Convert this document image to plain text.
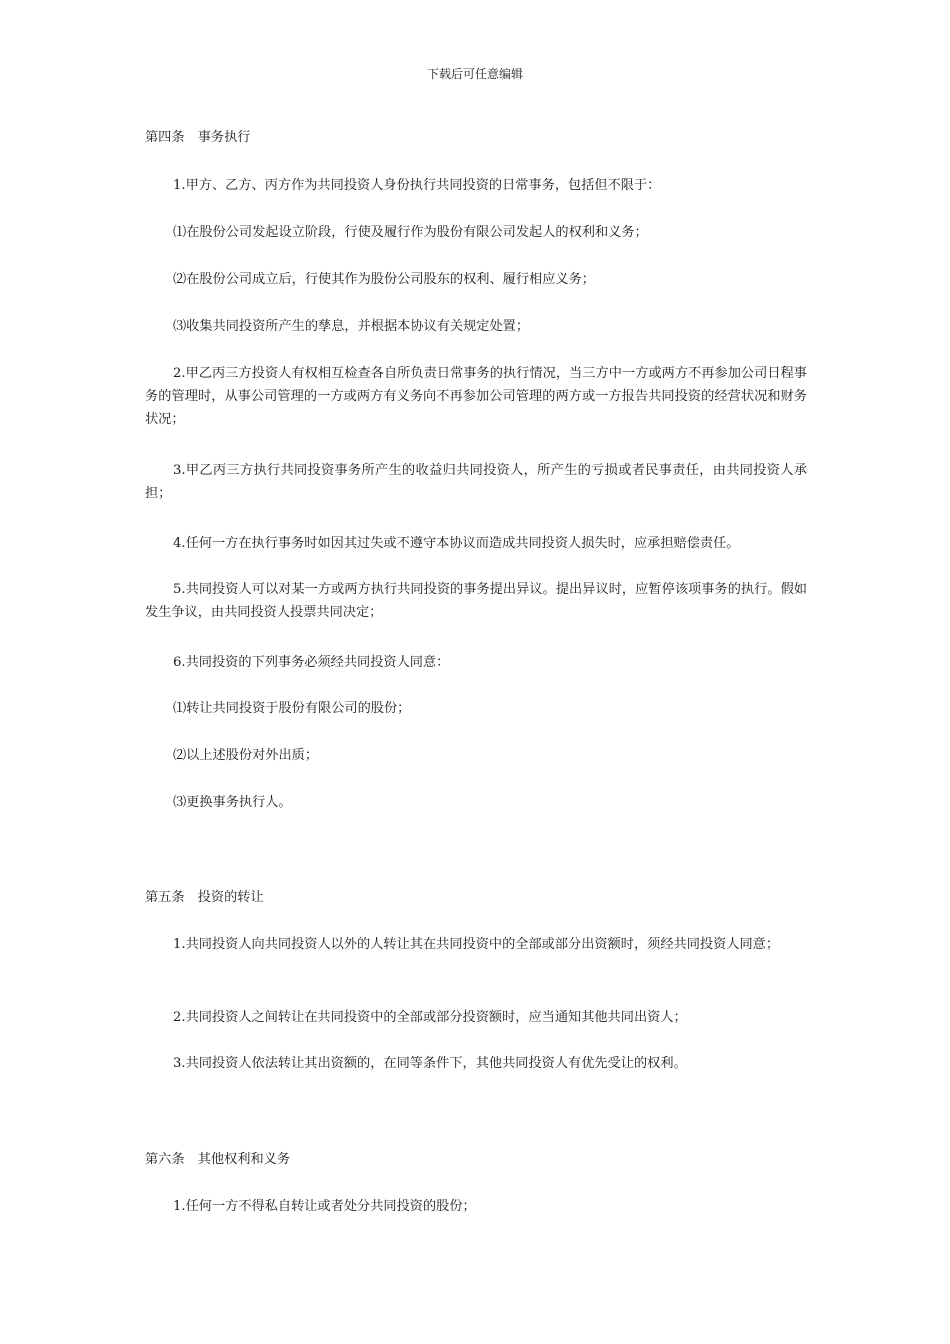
下载后可任意编辑
第四条　事务执行
1.甲方、乙方、丙方作为共同投资人身份执行共同投资的日常事务，包括但不限于：
⑴在股份公司发起设立阶段，行使及履行作为股份有限公司发起人的权利和义务；
⑵在股份公司成立后，行使其作为股份公司股东的权利、履行相应义务；
⑶收集共同投资所产生的孳息，并根据本协议有关规定处置；
2.甲乙丙三方投资人有权相互检查各自所负责日常事务的执行情况，当三方中一方或两方不再参加公司日程事务的管理时，从事公司管理的一方或两方有义务向不再参加公司管理的两方或一方报告共同投资的经营状况和财务状况；
3.甲乙丙三方执行共同投资事务所产生的收益归共同投资人，所产生的亏损或者民事责任，由共同投资人承担；
4.任何一方在执行事务时如因其过失或不遵守本协议而造成共同投资人损失时，应承担赔偿责任。
5.共同投资人可以对某一方或两方执行共同投资的事务提出异议。提出异议时，应暂停该项事务的执行。假如发生争议，由共同投资人投票共同决定；
6.共同投资的下列事务必须经共同投资人同意：
⑴转让共同投资于股份有限公司的股份；
⑵以上述股份对外出质；
⑶更换事务执行人。
第五条　投资的转让
1.共同投资人向共同投资人以外的人转让其在共同投资中的全部或部分出资额时，须经共同投资人同意；
2.共同投资人之间转让在共同投资中的全部或部分投资额时，应当通知其他共同出资人；
3.共同投资人依法转让其出资额的，在同等条件下，其他共同投资人有优先受让的权利。
第六条　其他权利和义务
1.任何一方不得私自转让或者处分共同投资的股份；
